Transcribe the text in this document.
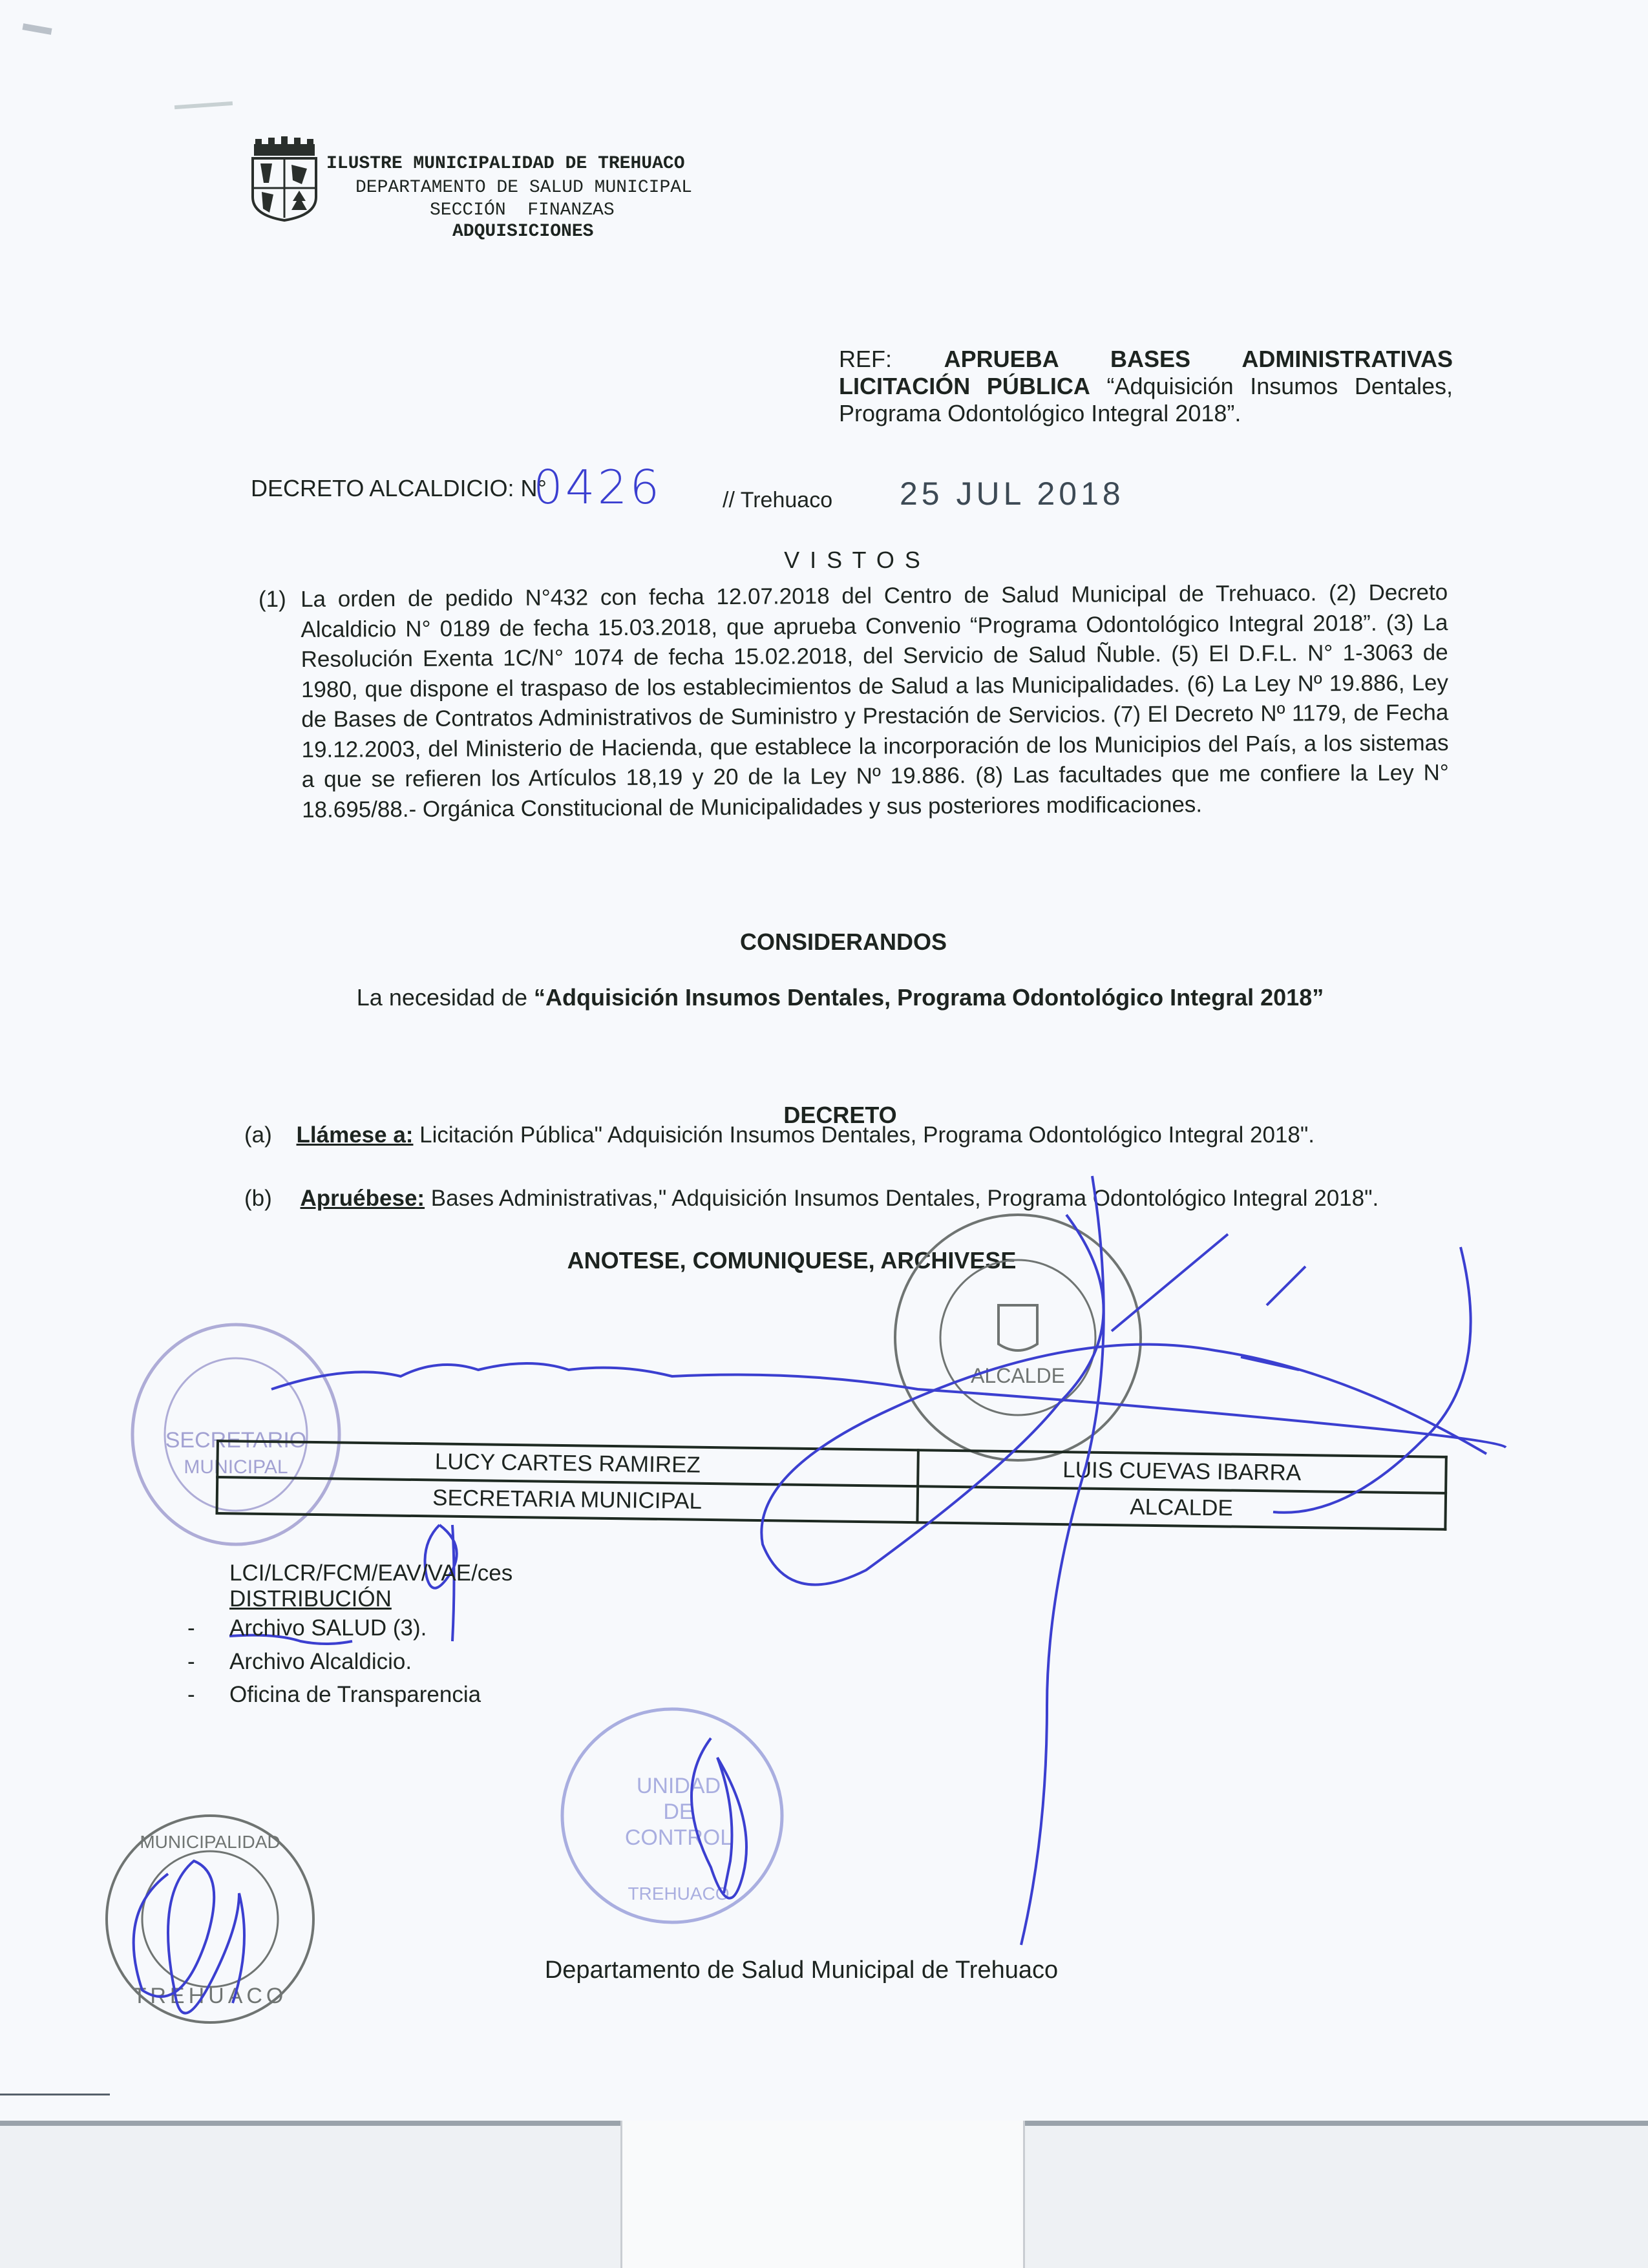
ILUSTRE MUNICIPALIDAD DE TREHUACO
DEPARTAMENTO DE SALUD MUNICIPAL
SECCIÓN  FINANZAS
ADQUISICIONES
REF: APRUEBA BASES ADMINISTRATIVAS LICITACIÓN PÚBLICA “Adquisición Insumos Dentales, Programa Odontológico Integral 2018”.
DECRETO ALCALDICIO: N°
0426	// Trehuaco 25 JUL 2018
V I S T O S
(1) La orden de pedido N°432 con fecha 12.07.2018 del Centro de Salud Municipal de Trehuaco. (2) Decreto Alcaldicio N° 0189 de fecha 15.03.2018, que aprueba Convenio “Programa Odontológico Integral 2018”. (3) La Resolución Exenta 1C/N° 1074 de fecha 15.02.2018, del Servicio de Salud Ñuble. (5) El D.F.L. N° 1-3063 de 1980, que dispone el traspaso de los establecimientos de Salud a las Municipalidades. (6) La Ley Nº 19.886, Ley de Bases de Contratos Administrativos de Suministro y Prestación de Servicios. (7) El Decreto Nº 1179, de Fecha 19.12.2003, del Ministerio de Hacienda, que establece la incorporación de los Municipios del País, a los sistemas a que se refieren los Artículos 18,19 y 20 de la Ley Nº 19.886. (8) Las facultades que me confiere la Ley N° 18.695/88.- Orgánica Constitucional de Municipalidades y sus posteriores modificaciones.
CONSIDERANDOS
La necesidad de “Adquisición Insumos Dentales, Programa Odontológico Integral 2018”
DECRETO
(a) Llámese a: Licitación Pública" Adquisición Insumos Dentales, Programa Odontológico Integral 2018".
(b) Apruébese: Bases Administrativas," Adquisición Insumos Dentales, Programa Odontológico Integral 2018".
ANOTESE, COMUNIQUESE, ARCHIVESE
SECRETARIO
MUNICIPAL
ALCALDE
UNIDAD
DE
CONTROL
TREHUACO
TREHUACO
MUNICIPALIDAD
LUCY CARTES RAMIREZ	LUIS CUEVAS IBARRA
SECRETARIA MUNICIPAL	ALCALDE
LCI/LCR/FCM/EAV/VAE/ces
DISTRIBUCIÓN
- Archivo SALUD (3).
- Archivo Alcaldicio.
- Oficina de Transparencia
Departamento de Salud Municipal de Trehuaco
